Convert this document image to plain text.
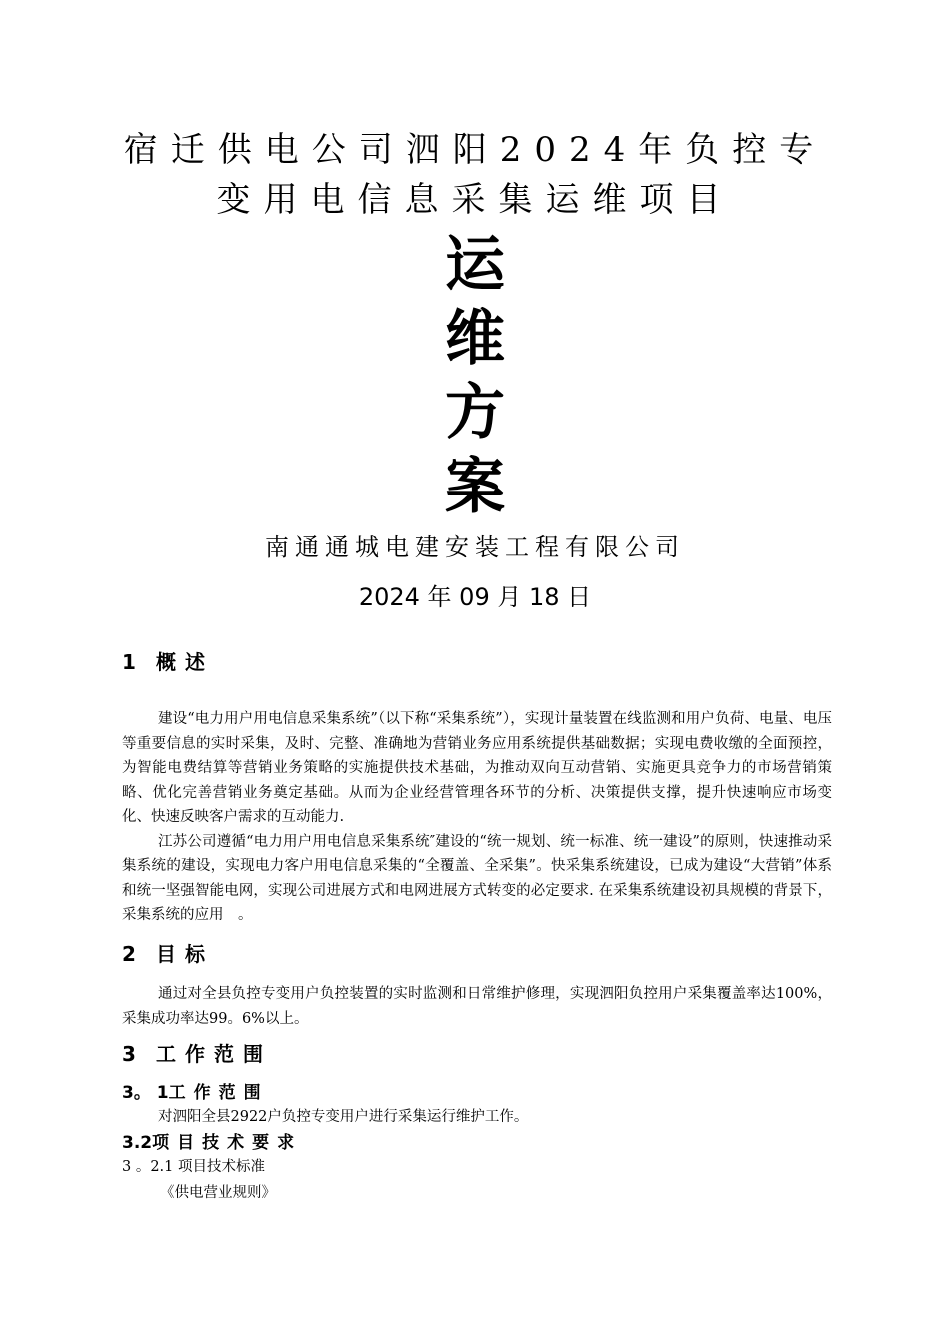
宿迁供电公司泗阳2024年负控专
变用电信息采集运维项目
运
维
方
案
南通通城电建安装工程有限公司
2024 年 09 月 18 日
1 概述

建设“电力用户用电信息采集系统”（以下称“采集系统”），实现计量装置在线监测和用户负荷、电量、电压等重要信息的实时采集，及时、完整、准确地为营销业务应用系统提供基础数据；实现电费收缴的全面预控，为智能电费结算等营销业务策略的实施提供技术基础，为推动双向互动营销、实施更具竞争力的市场营销策略、优化完善营销业务奠定基础。从而为企业经营管理各环节的分析、决策提供支撑，提升快速响应市场变化、快速反映客户需求的互动能力.

江苏公司遵循“电力用户用电信息采集系统″建设的“统一规划、统一标准、统一建设”的原则，快速推动采集系统的建设，实现电力客户用电信息采集的“全覆盖、全采集”。快采集系统建设，已成为建设“大营销”体系和统一坚强智能电网，实现公司进展方式和电网进展方式转变的必定要求. 在采集系统建设初具规模的背景下，采集系统的应用　。

2 目标

通过对全县负控专变用户负控装置的实时监测和日常维护修理，实现泗阳负控用户采集覆盖率达100%，采集成功率达99。6%以上。

3 工作范围
3。 1工作范围
对泗阳全县2922户负控专变用户进行采集运行维护工作。
3.2项目技术要求
3 。2.1 项目技术标准
《供电营业规则》
